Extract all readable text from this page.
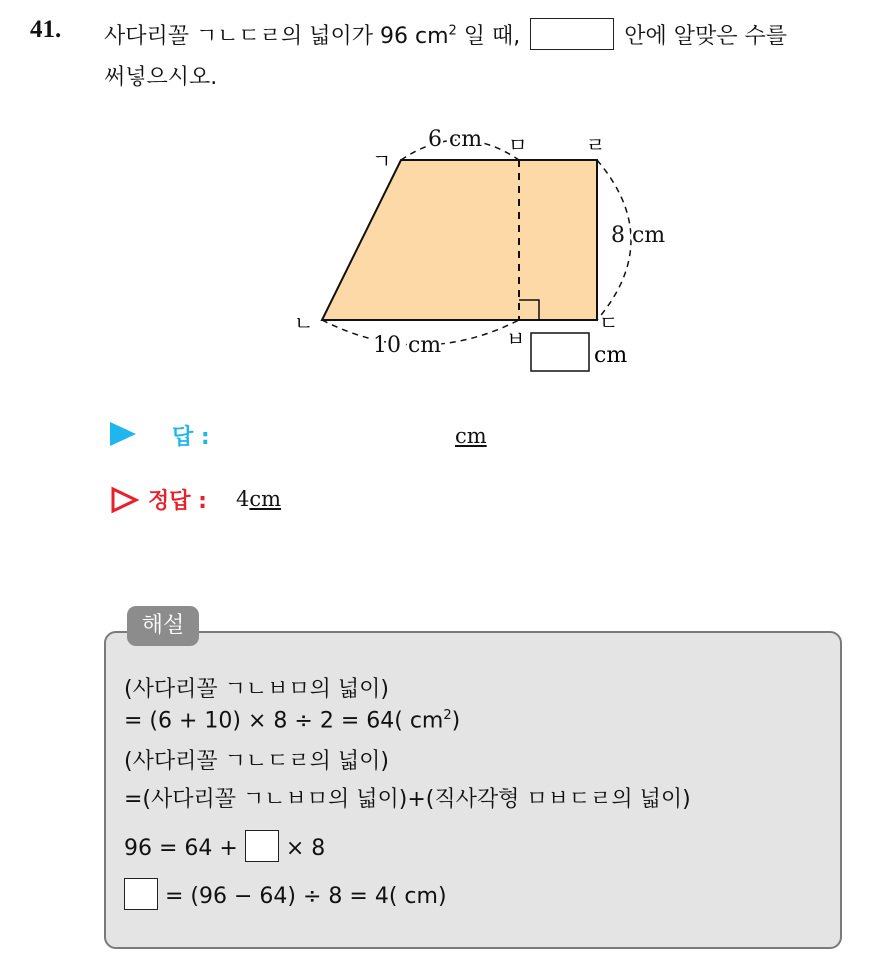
41. 사다리꼴 ㄱㄴㄷㄹ의 넓이가 96 $cm^2$ 일 때,	안에 알맞은 수를
써넣으시오.
ㄱ
ㅁ	ㄹ
ㄴ
ㅂ
ㄷ
6 cm
10 cm
8 cm
cm
답 :	cm
정답 : 4cm
해설
(사다리꼴 ㄱㄴㅂㅁ의 넓이)
= (6 + 10) × 8 ÷ 2 = 64( $cm^2$)
(사다리꼴 ㄱㄴㄷㄹ의 넓이)
=(사다리꼴 ㄱㄴㅂㅁ의 넓이)+(직사각형 ㅁㅂㄷㄹ의 넓이)
96 = 64 + × 8
= (96 − 64) ÷ 8 = 4( cm)
